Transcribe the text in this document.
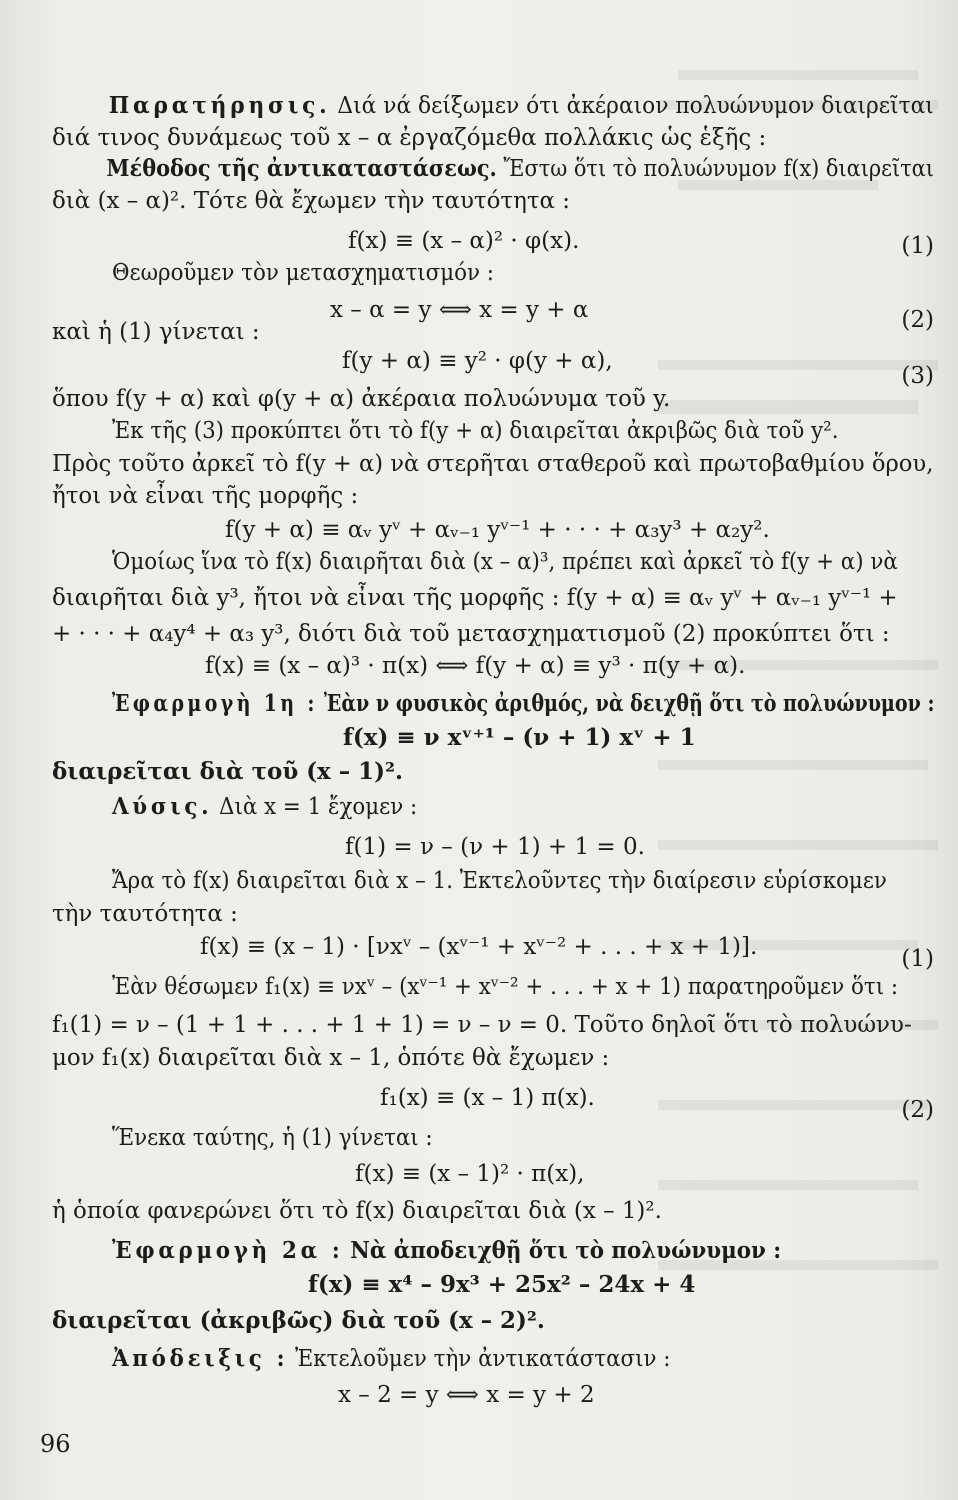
Παρατήρησις. Διά νά δείξωμεν ότι ἀκέραιον πολυώνυμον διαιρεῖται
διά τινος δυνάμεως τοῦ x – α ἐργαζόμεθα πολλάκις ὡς ἑξῆς :
Μέθοδος τῆς ἀντικαταστάσεως. Ἔστω ὅτι τὸ πολυώνυμον f(x) διαιρεῖται
διὰ (x – α)². Τότε θὰ ἔχωμεν τὴν ταυτότητα :
f(x) ≡ (x – α)² · φ(x).	(1)
Θεωροῦμεν τὸν μετασχηματισμόν :
x – α = y ⟺ x = y + α	(2)
καὶ ἡ (1) γίνεται :
f(y + α) ≡ y² · φ(y + α),
(3)
ὅπου f(y + α) καὶ φ(y + α) ἀκέραια πολυώνυμα τοῦ y.
Ἐκ τῆς (3) προκύπτει ὅτι τὸ f(y + α) διαιρεῖται ἀκριβῶς διὰ τοῦ y².
Πρὸς τοῦτο ἀρκεῖ τὸ f(y + α) νὰ στερῆται σταθεροῦ καὶ πρωτοβαθμίου ὅρου,
ἤτοι νὰ εἶναι τῆς μορφῆς :
f(y + α) ≡ αᵥ yᵛ + αᵥ₋₁ yᵛ⁻¹ + · · · + α₃y³ + α₂y².
Ὁμοίως ἵνα τὸ f(x) διαιρῆται διὰ (x – α)³, πρέπει καὶ ἀρκεῖ τὸ f(y + α) νὰ
διαιρῆται διὰ y³, ἤτοι νὰ εἶναι τῆς μορφῆς : f(y + α) ≡ αᵥ yᵛ + αᵥ₋₁ yᵛ⁻¹ +
+ · · · + α₄y⁴ + α₃ y³, διότι διὰ τοῦ μετασχηματισμοῦ (2) προκύπτει ὅτι :
f(x) ≡ (x – α)³ · π(x) ⟺ f(y + α) ≡ y³ · π(y + α).
Ἐφαρμογὴ 1η : Ἐὰν ν φυσικὸς ἀριθμός, νὰ δειχθῇ ὅτι τὸ πολυώνυμον :
f(x) ≡ ν xᵛ⁺¹ – (ν + 1) xᵛ + 1
διαιρεῖται διὰ τοῦ (x – 1)².
Λύσις. Διὰ x = 1 ἔχομεν :
f(1) = ν – (ν + 1) + 1 = 0.
Ἄρα τὸ f(x) διαιρεῖται διὰ x – 1. Ἐκτελοῦντες τὴν διαίρεσιν εὑρίσκομεν
τὴν ταυτότητα :
f(x) ≡ (x – 1) · [νxᵛ – (xᵛ⁻¹ + xᵛ⁻² + . . . + x + 1)].	(1)
Ἐὰν θέσωμεν f₁(x) ≡ νxᵛ – (xᵛ⁻¹ + xᵛ⁻² + . . . + x + 1) παρατηροῦμεν ὅτι :
f₁(1) = ν – (1 + 1 + . . . + 1 + 1) = ν – ν = 0. Τοῦτο δηλοῖ ὅτι τὸ πολυώνυ-
μον f₁(x) διαιρεῖται διὰ x – 1, ὁπότε θὰ ἔχωμεν :
f₁(x) ≡ (x – 1) π(x).	(2)
Ἕνεκα ταύτης, ἡ (1) γίνεται :
f(x) ≡ (x – 1)² · π(x),
ἡ ὁποία φανερώνει ὅτι τὸ f(x) διαιρεῖται διὰ (x – 1)².
Ἐφαρμογὴ 2α : Νὰ ἀποδειχθῇ ὅτι τὸ πολυώνυμον :
f(x) ≡ x⁴ – 9x³ + 25x² – 24x + 4
διαιρεῖται (ἀκριβῶς) διὰ τοῦ (x – 2)².
Ἀπόδειξις : Ἐκτελοῦμεν τὴν ἀντικατάστασιν :
x – 2 = y ⟺ x = y + 2
96
